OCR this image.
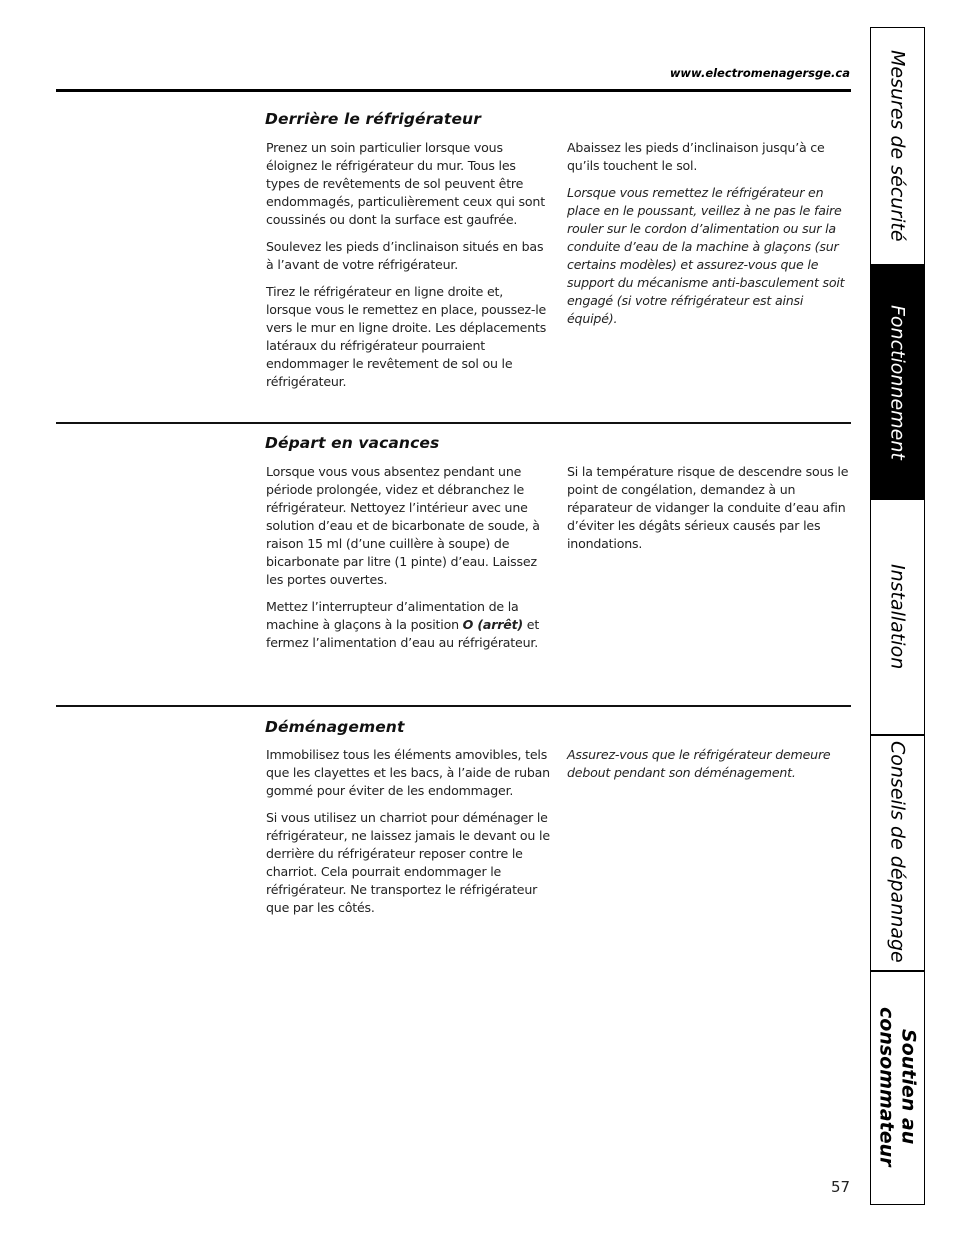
www.electromenagersge.ca
Derrière le réfrigérateur

Prenez un soin particulier lorsque vous éloignez le réfrigérateur du mur. Tous les types de revêtements de sol peuvent être endommagés, particulièrement ceux qui sont coussinés ou dont la surface est gaufrée.

Soulevez les pieds d’inclinaison situés en bas à l’avant de votre réfrigérateur.

Tirez le réfrigérateur en ligne droite et, lorsque vous le remettez en place, poussez-le vers le mur en ligne droite. Les déplacements latéraux du réfrigérateur pourraient endommager le revêtement de sol ou le réfrigérateur.

Abaissez les pieds d’inclinaison jusqu’à ce qu’ils touchent le sol.

Lorsque vous remettez le réfrigérateur en place en le poussant, veillez à ne pas le faire rouler sur le cordon d’alimentation ou sur la conduite d’eau de la machine à glaçons (sur certains modèles) et assurez-vous que le support du mécanisme anti-basculement soit engagé (si votre réfrigérateur est ainsi équipé).

Départ en vacances

Lorsque vous vous absentez pendant une période prolongée, videz et débranchez le réfrigérateur. Nettoyez l’intérieur avec une solution d’eau et de bicarbonate de soude, à raison 15 ml (d’une cuillère à soupe) de bicarbonate par litre (1 pinte) d’eau. Laissez les portes ouvertes.

Mettez l’interrupteur d’alimentation de la machine à glaçons à la position O (arrêt) et fermez l’alimentation d’eau au réfrigérateur.

Si la température risque de descendre sous le point de congélation, demandez à un réparateur de vidanger la conduite d’eau afin d’éviter les dégâts sérieux causés par les inondations.

Déménagement

Immobilisez tous les éléments amovibles, tels que les clayettes et les bacs, à l’aide de ruban gommé pour éviter de les endommager.

Si vous utilisez un charriot pour déménager le réfrigérateur, ne laissez jamais le devant ou le derrière du réfrigérateur reposer contre le charriot. Cela pourrait endommager le réfrigérateur. Ne transportez le réfrigérateur que par les côtés.

Assurez-vous que le réfrigérateur demeure debout pendant son déménagement.

Mesures de sécurité
Fonctionnement
Installation
Conseils de dépannage
Soutien au consommateur
57
